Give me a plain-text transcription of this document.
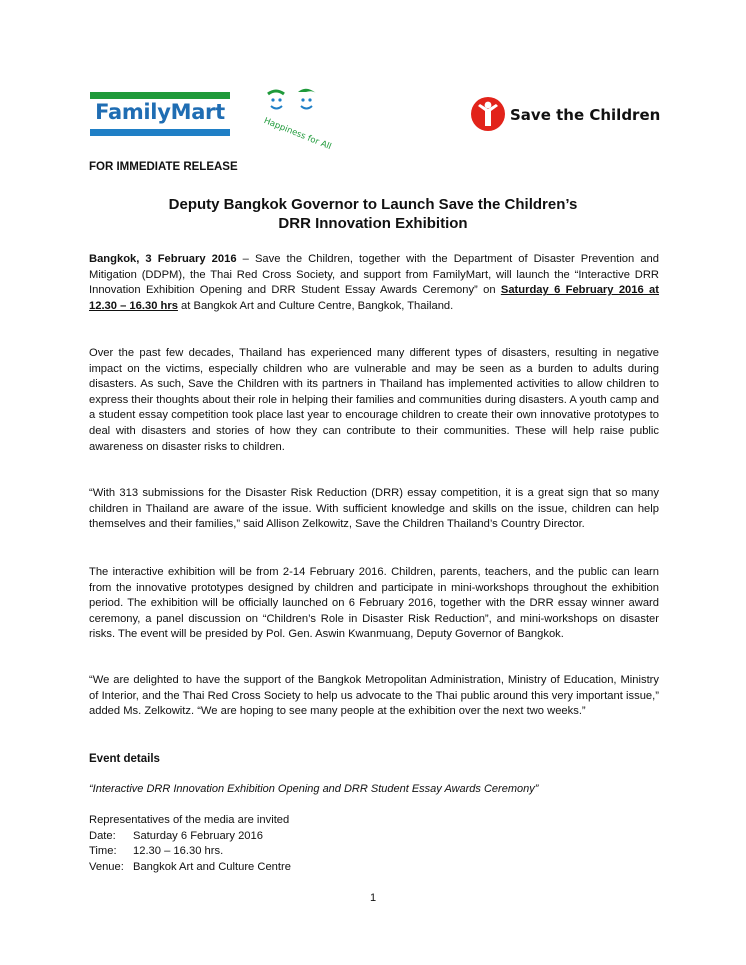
FamilyMart
Happiness for All
Save the Children
FOR IMMEDIATE RELEASE
Deputy Bangkok Governor to Launch Save the Children’s
DRR Innovation Exhibition
Bangkok, 3 February 2016 – Save the Children, together with the Department of Disaster Prevention and Mitigation (DDPM), the Thai Red Cross Society, and support from FamilyMart, will launch the “Interactive DRR Innovation Exhibition Opening and DRR Student Essay Awards Ceremony” on Saturday 6 February 2016 at 12.30 – 16.30 hrs at Bangkok Art and Culture Centre, Bangkok, Thailand.
Over the past few decades, Thailand has experienced many different types of disasters, resulting in negative impact on the victims, especially children who are vulnerable and may be seen as a burden to adults during disasters. As such, Save the Children with its partners in Thailand has implemented activities to allow children to express their thoughts about their role in helping their families and communities during disasters. A youth camp and a student essay competition took place last year to encourage children to create their own innovative prototypes to deal with disasters and stories of how they can contribute to their communities. These will help raise public awareness on disaster risks to children.
“With 313 submissions for the Disaster Risk Reduction (DRR) essay competition, it is a great sign that so many children in Thailand are aware of the issue. With sufficient knowledge and skills on the issue, children can help themselves and their families,” said Allison Zelkowitz, Save the Children Thailand’s Country Director.
The interactive exhibition will be from 2-14 February 2016. Children, parents, teachers, and the public can learn from the innovative prototypes designed by children and participate in mini-workshops throughout the exhibition period. The exhibition will be officially launched on 6 February 2016, together with the DRR essay winner award ceremony, a panel discussion on “Children’s Role in Disaster Risk Reduction”, and mini-workshops on disaster risks. The event will be presided by Pol. Gen. Aswin Kwanmuang, Deputy Governor of Bangkok.
“We are delighted to have the support of the Bangkok Metropolitan Administration, Ministry of Education, Ministry of Interior, and the Thai Red Cross Society to help us advocate to the Thai public around this very important issue,” added Ms. Zelkowitz. “We are hoping to see many people at the exhibition over the next two weeks.”
Event details
“Interactive DRR Innovation Exhibition Opening and DRR Student Essay Awards Ceremony”
Representatives of the media are invited
Date: Saturday 6 February 2016
Time: 12.30 – 16.30 hrs.
Venue: Bangkok Art and Culture Centre
1
